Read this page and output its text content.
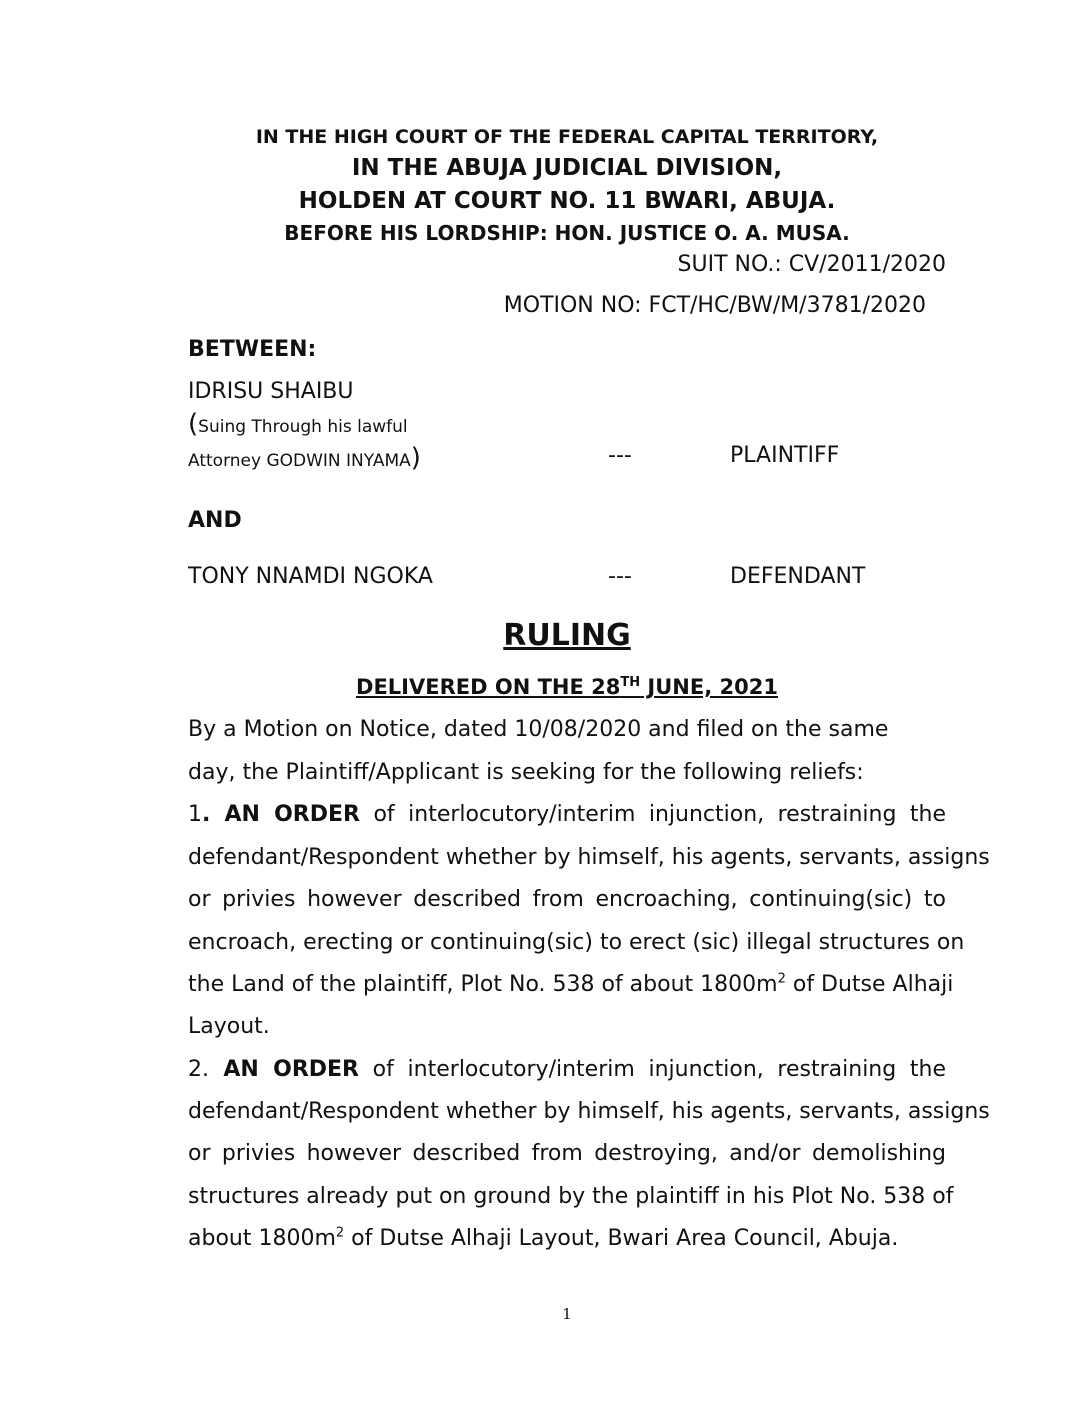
IN THE HIGH COURT OF THE FEDERAL CAPITAL TERRITORY,
IN THE ABUJA JUDICIAL DIVISION,
HOLDEN AT COURT NO. 11 BWARI, ABUJA.
BEFORE HIS LORDSHIP: HON. JUSTICE O. A. MUSA.
SUIT NO.: CV/2011/2020
MOTION NO: FCT/HC/BW/M/3781/2020
BETWEEN:
IDRISU SHAIBU
(Suing Through his lawful
Attorney GODWIN INYAMA)	---	PLAINTIFF
AND
TONY NNAMDI NGOKA	---	DEFENDANT
RULING
DELIVERED ON THE 28TH JUNE, 2021
By a Motion on Notice, dated 10/08/2020 and filed on the same
day, the Plaintiff/Applicant is seeking for the following reliefs:
1. AN ORDER of interlocutory/interim injunction, restraining the
defendant/Respondent whether by himself, his agents, servants, assigns
or privies however described from encroaching, continuing(sic) to
encroach, erecting or continuing(sic) to erect (sic) illegal structures on
the Land of the plaintiff, Plot No. 538 of about $1800m^2$ of Dutse Alhaji
Layout.
2. AN ORDER of interlocutory/interim injunction, restraining the
defendant/Respondent whether by himself, his agents, servants, assigns
or privies however described from destroying, and/or demolishing
structures already put on ground by the plaintiff in his Plot No. 538 of
about $1800m^2$ of Dutse Alhaji Layout, Bwari Area Council, Abuja.
1
